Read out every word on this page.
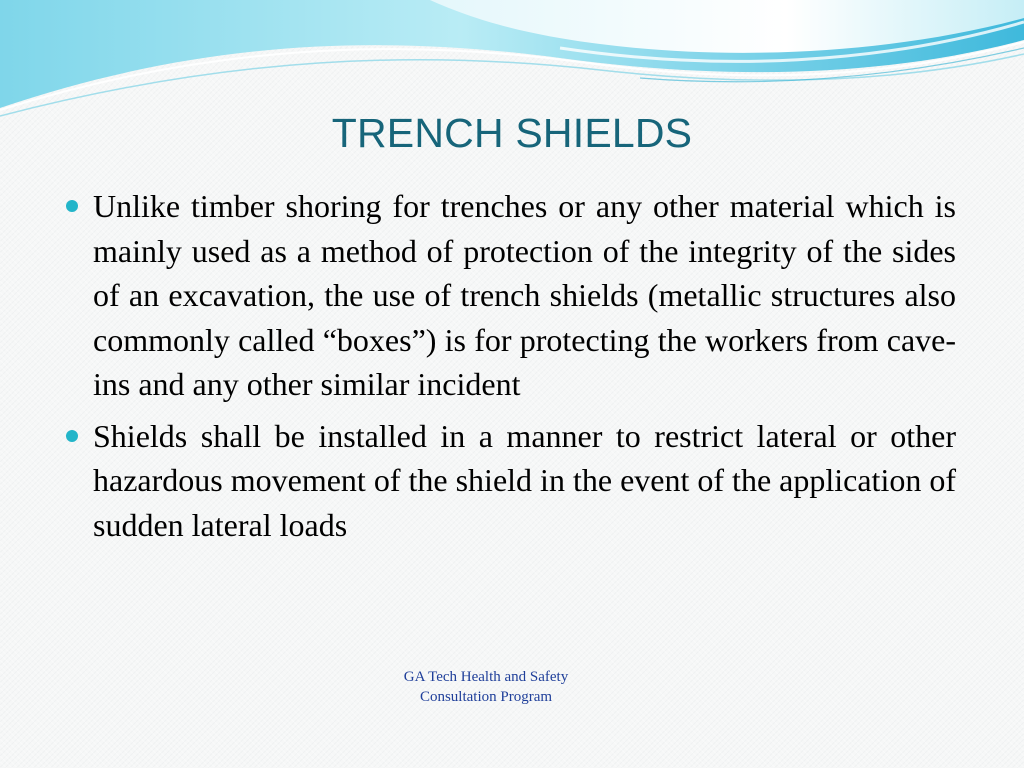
TRENCH SHIELDS
Unlike timber shoring for trenches or any other material which is mainly used as a method of protection of the integrity of the sides of an excavation, the use of trench shields (metallic structures also commonly called “boxes”) is for protecting the workers from cave-ins and any other similar incident
Shields shall be installed in a manner to restrict lateral or other hazardous movement of the shield in the event of the application of sudden lateral loads
GA Tech Health and Safety
Consultation Program
